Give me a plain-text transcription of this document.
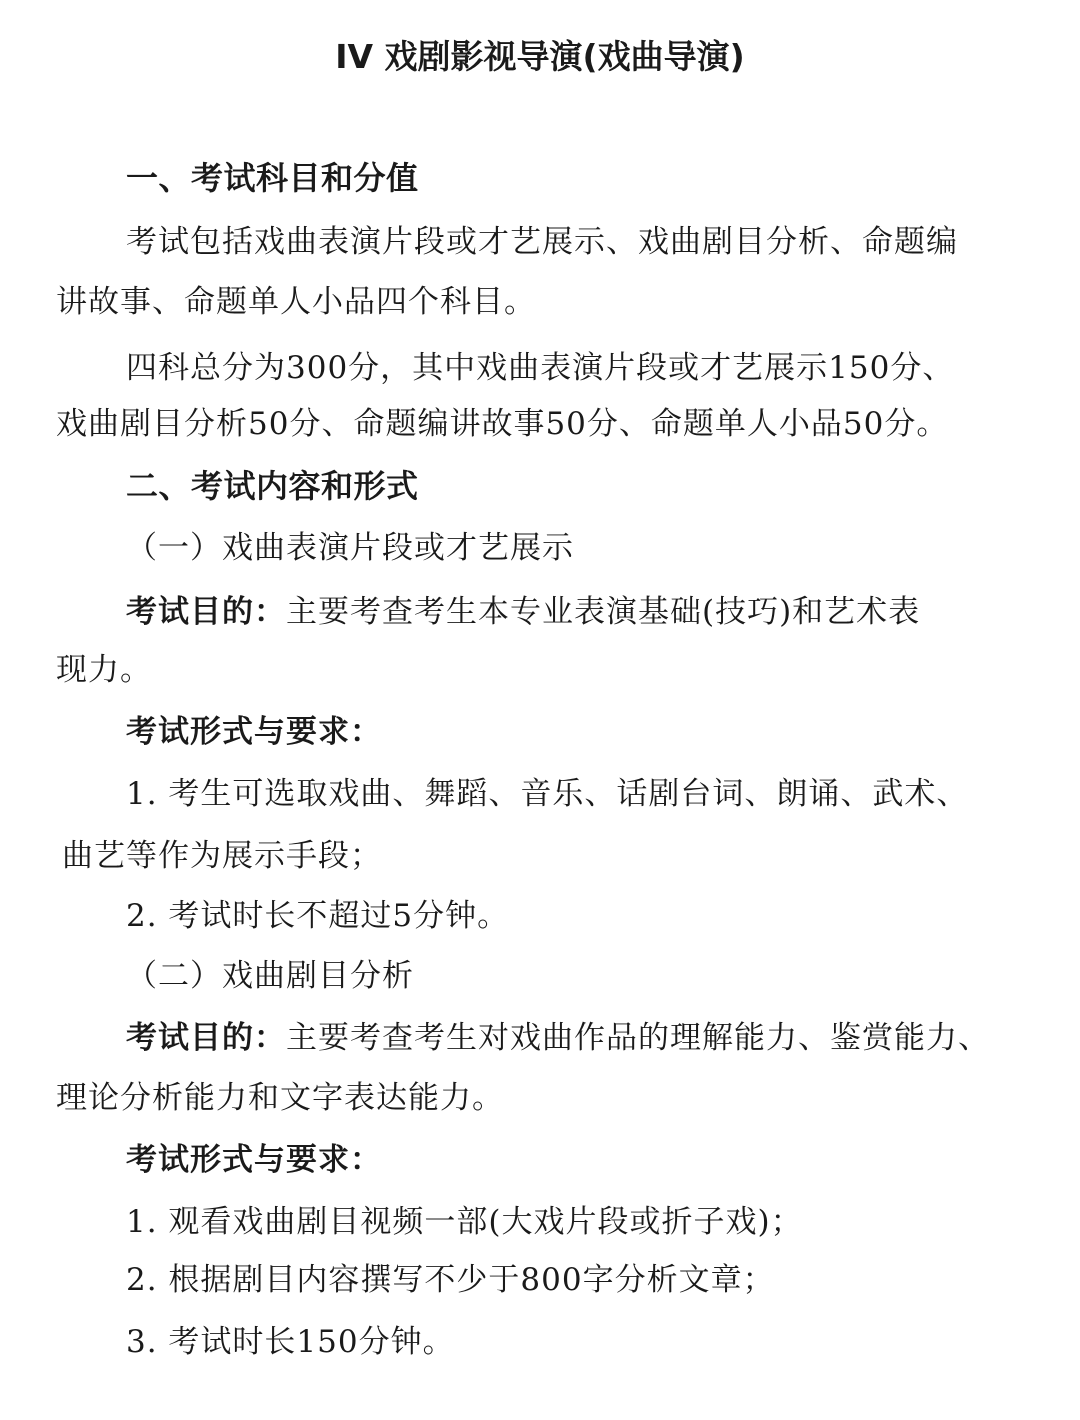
IV 戏剧影视导演(戏曲导演)
一、考试科目和分值
考试包括戏曲表演片段或才艺展示、戏曲剧目分析、命题编
讲故事、命题单人小品四个科目。
四科总分为300分，其中戏曲表演片段或才艺展示150分、
戏曲剧目分析50分、命题编讲故事50分、命题单人小品50分。
二、考试内容和形式
（一）戏曲表演片段或才艺展示
考试目的：主要考查考生本专业表演基础(技巧)和艺术表
现力。
考试形式与要求：
1. 考生可选取戏曲、舞蹈、音乐、话剧台词、朗诵、武术、
曲艺等作为展示手段；
2. 考试时长不超过5分钟。
（二）戏曲剧目分析
考试目的：主要考查考生对戏曲作品的理解能力、鉴赏能力、
理论分析能力和文字表达能力。
考试形式与要求：
1. 观看戏曲剧目视频一部(大戏片段或折子戏)；
2. 根据剧目内容撰写不少于800字分析文章；
3. 考试时长150分钟。
